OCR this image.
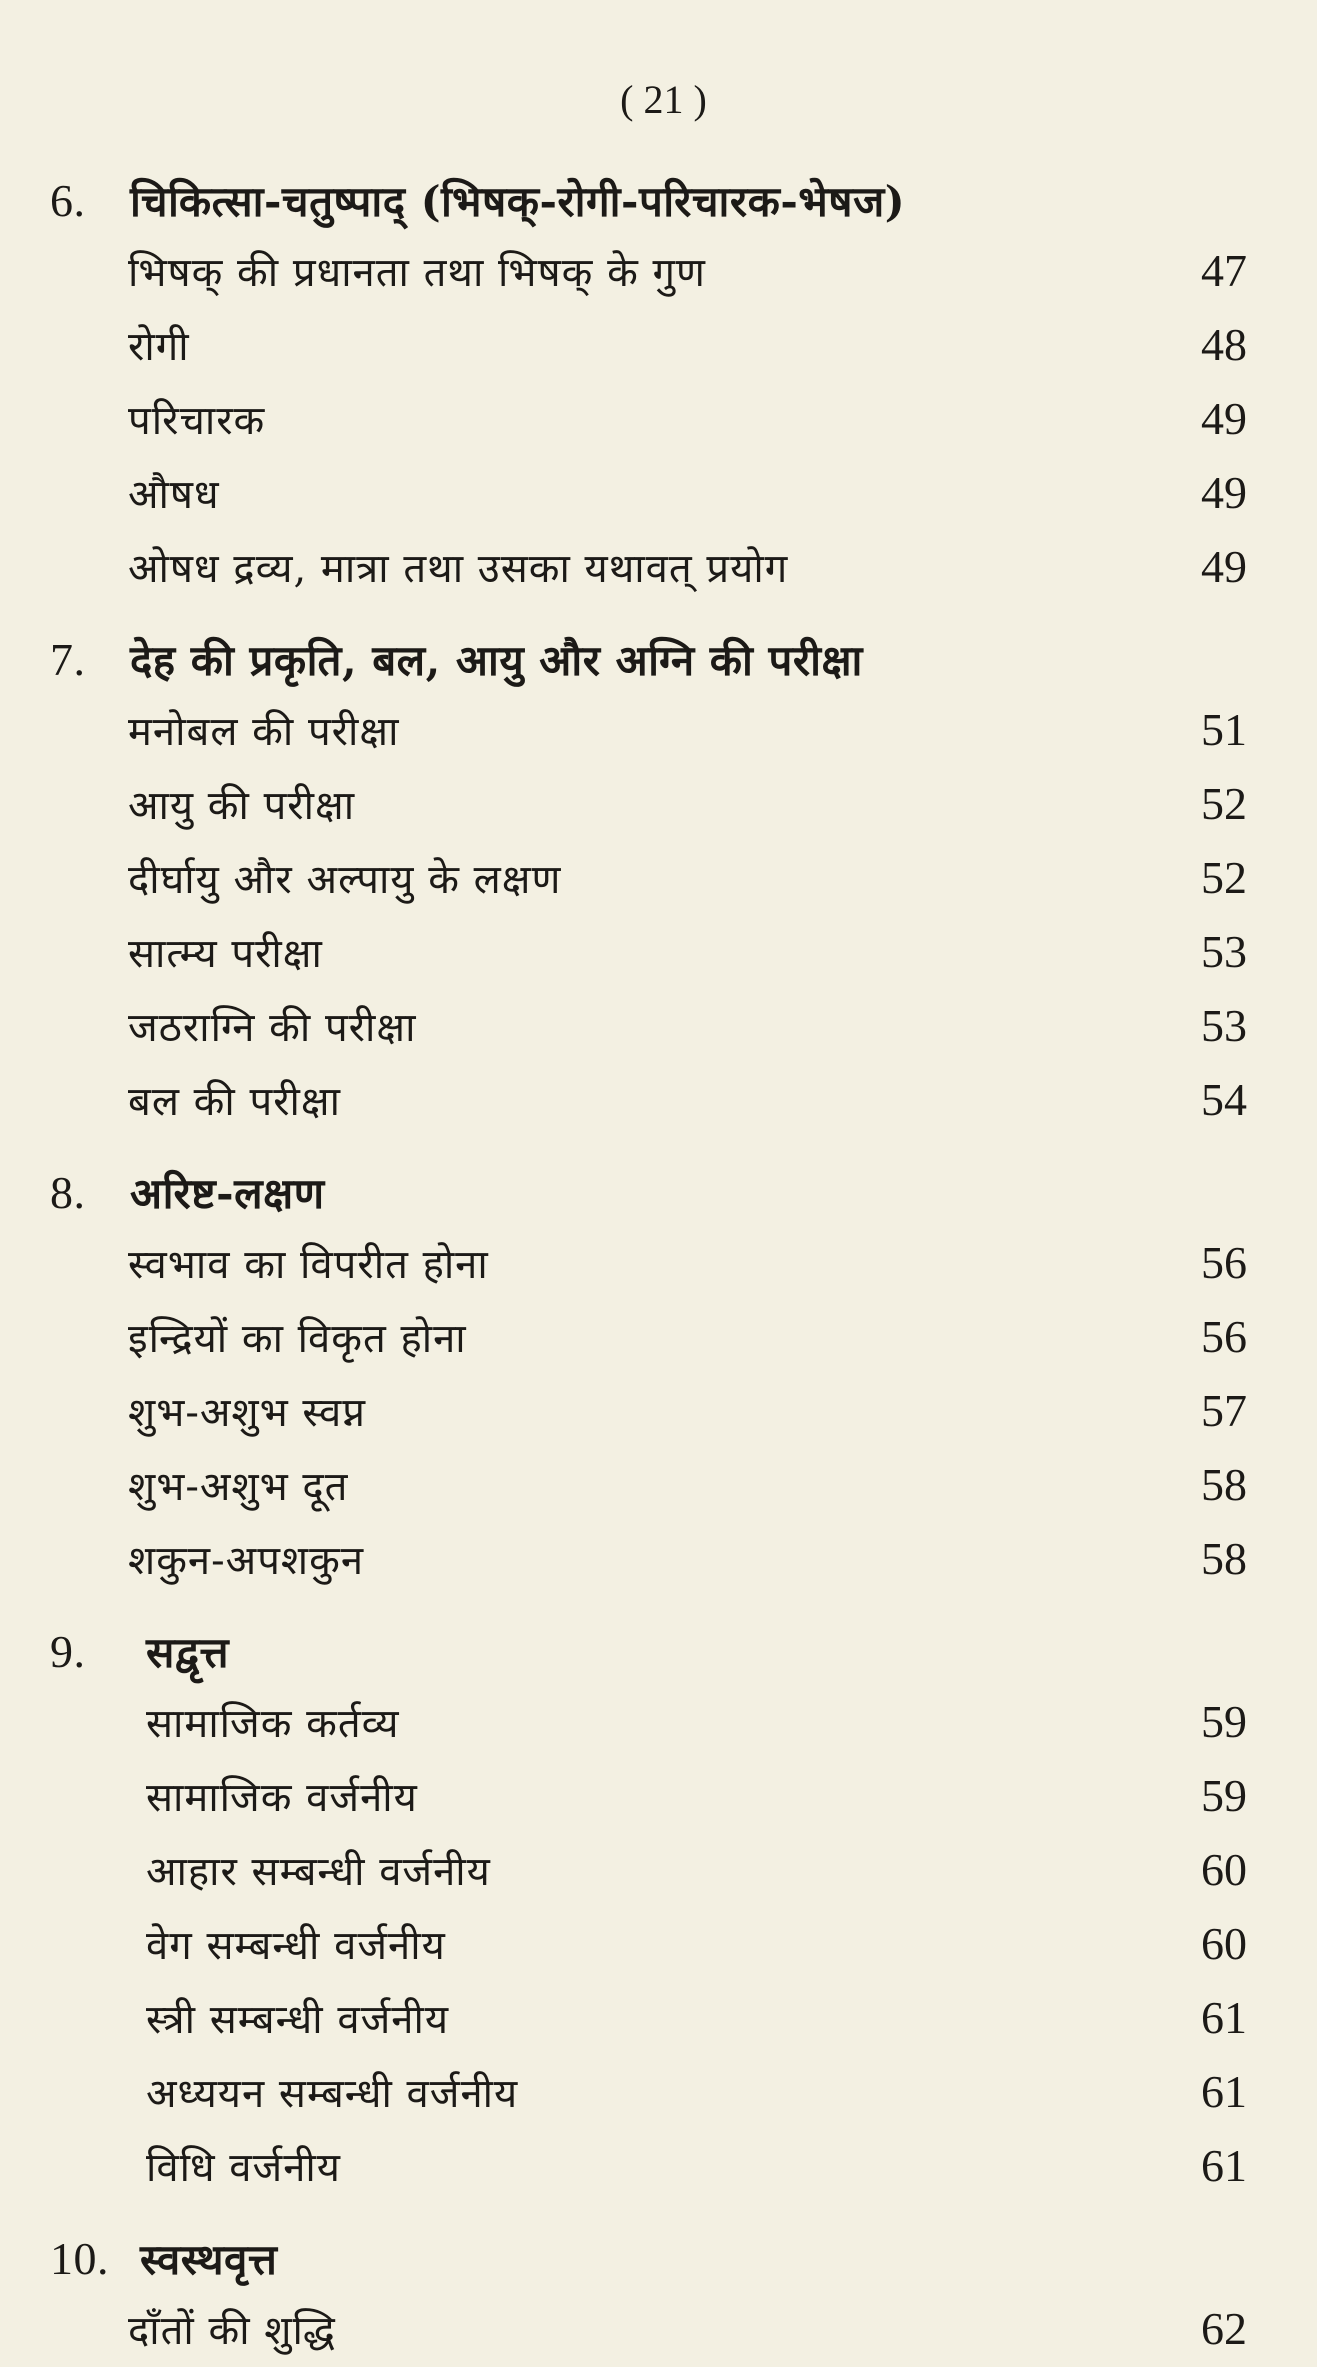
( 21 )
6.	चिकित्सा-चतुष्पाद् (भिषक्-रोगी-परिचारक-भेषज)
भिषक् की प्रधानता तथा भिषक् के गुण	47
रोगी	48
परिचारक	49
औषध	49
ओषध द्रव्य, मात्रा तथा उसका यथावत् प्रयोग	49
7.	देह की प्रकृति, बल, आयु और अग्नि की परीक्षा
मनोबल की परीक्षा	51
आयु की परीक्षा	52
दीर्घायु और अल्पायु के लक्षण	52
सात्म्य परीक्षा	53
जठराग्नि की परीक्षा	53
बल की परीक्षा	54
8.	अरिष्ट-लक्षण
स्वभाव का विपरीत होना	56
इन्द्रियों का विकृत होना	56
शुभ-अशुभ स्वप्न	57
शुभ-अशुभ दूत	58
शकुन-अपशकुन	58
9.	सद्वृत्त
सामाजिक कर्तव्य	59
सामाजिक वर्जनीय	59
आहार सम्बन्धी वर्जनीय	60
वेग सम्बन्धी वर्जनीय	60
स्त्री सम्बन्धी वर्जनीय	61
अध्ययन सम्बन्धी वर्जनीय	61
विधि वर्जनीय	61
10. स्वस्थवृत्त
दाँतों की शुद्धि	62
